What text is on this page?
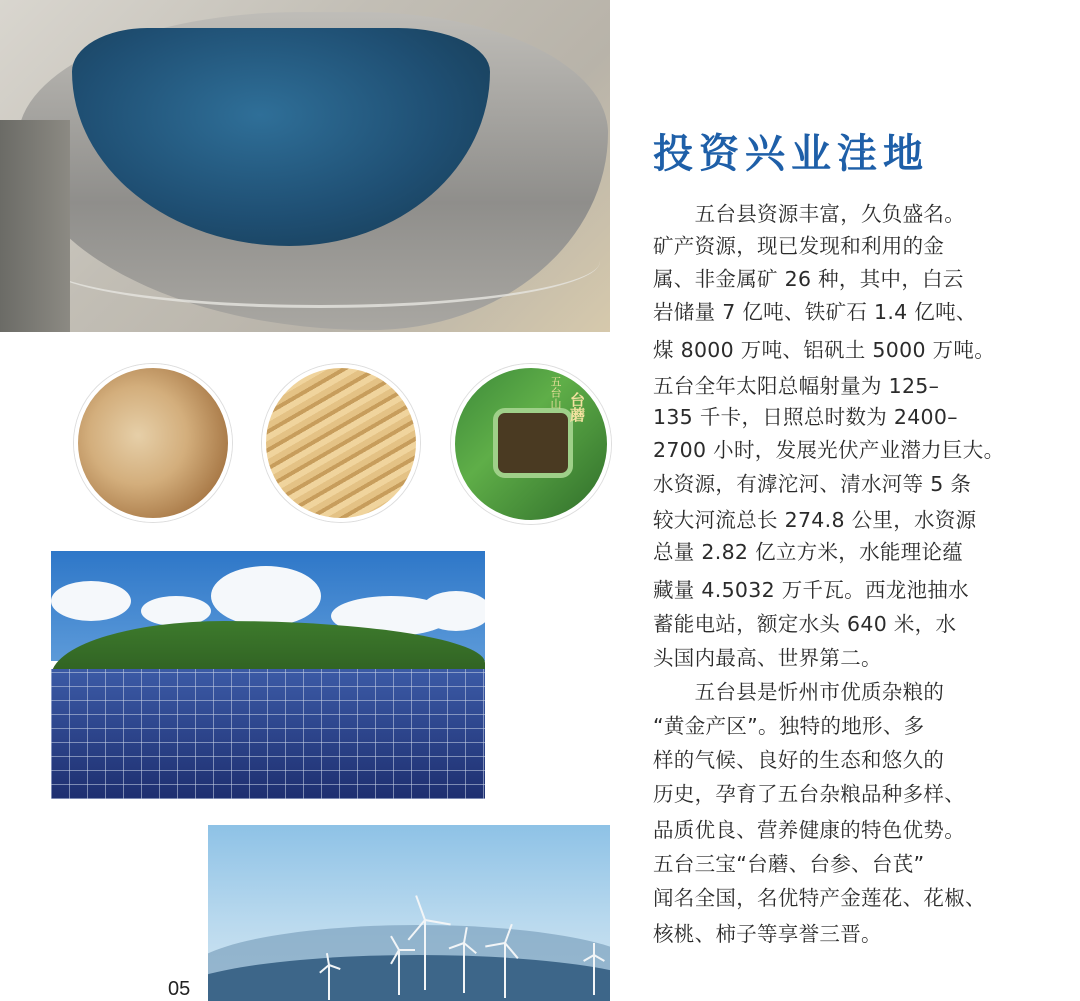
台蘑
五台山
投资兴业洼地
　　五台县资源丰富，久负盛名。
矿产资源，现已发现和利用的金
属、非金属矿 26 种，其中，白云
岩储量 7 亿吨、铁矿石 1.4 亿吨、
煤 8000 万吨、铝矾土 5000 万吨。
五台全年太阳总幅射量为 125–
135 千卡，日照总时数为 2400–
2700 小时，发展光伏产业潜力巨大。
水资源，有滹沱河、清水河等 5 条
较大河流总长 274.8 公里，水资源
总量 2.82 亿立方米，水能理论蕴
藏量 4.5032 万千瓦。西龙池抽水
蓄能电站，额定水头 640 米，水
头国内最高、世界第二。
　　五台县是忻州市优质杂粮的
“黄金产区”。独特的地形、多
样的气候、良好的生态和悠久的
历史，孕育了五台杂粮品种多样、
品质优良、营养健康的特色优势。
五台三宝“台蘑、台参、台芪”
闻名全国，名优特产金莲花、花椒、
核桃、柿子等享誉三晋。
05
